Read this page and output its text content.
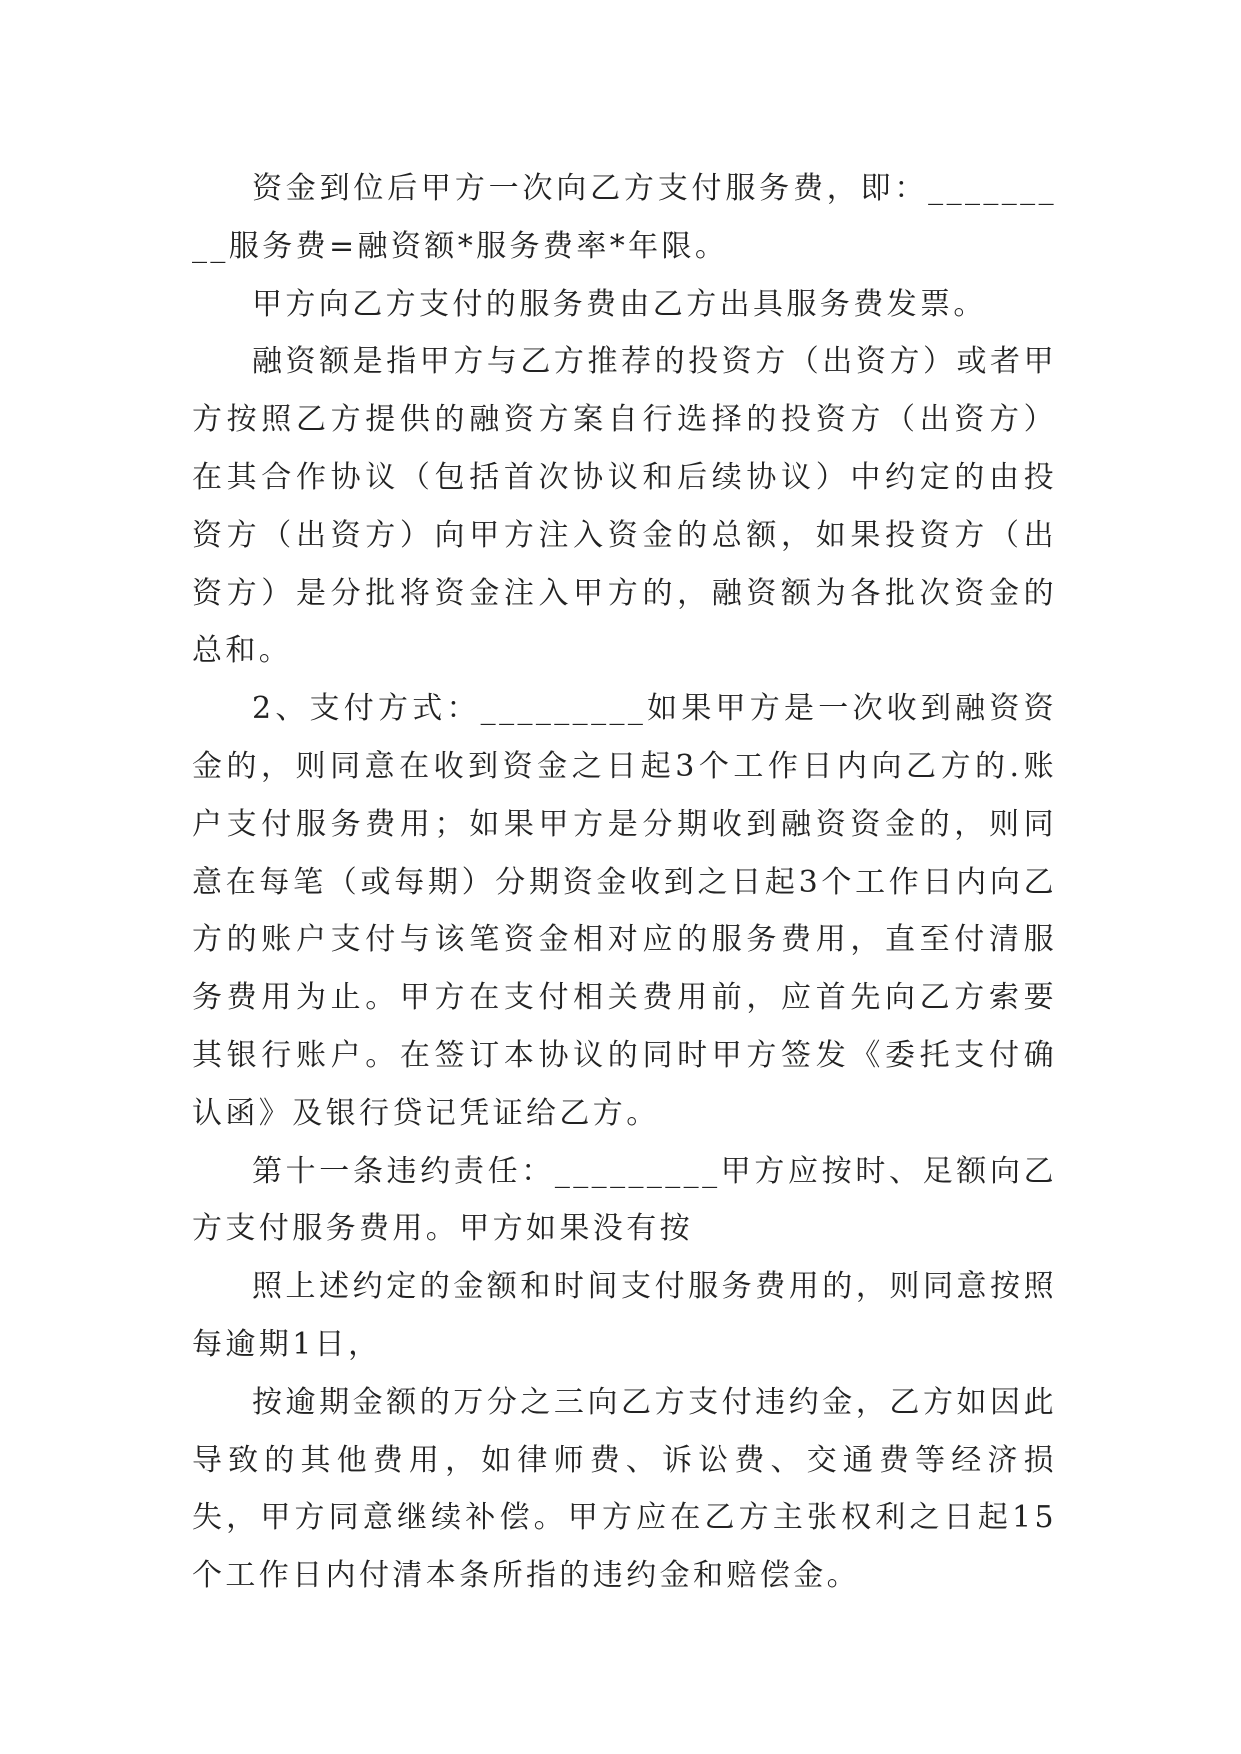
资金到位后甲方一次向乙方支付服务费，即：_________服务费=融资额*服务费率*年限。

甲方向乙方支付的服务费由乙方出具服务费发票。

融资额是指甲方与乙方推荐的投资方（出资方）或者甲方按照乙方提供的融资方案自行选择的投资方（出资方）在其合作协议（包括首次协议和后续协议）中约定的由投资方（出资方）向甲方注入资金的总额，如果投资方（出资方）是分批将资金注入甲方的，融资额为各批次资金的总和。

2、支付方式：_________如果甲方是一次收到融资资金的，则同意在收到资金之日起3个工作日内向乙方的.账户支付服务费用；如果甲方是分期收到融资资金的，则同意在每笔（或每期）分期资金收到之日起3个工作日内向乙方的账户支付与该笔资金相对应的服务费用，直至付清服务费用为止。甲方在支付相关费用前，应首先向乙方索要其银行账户。在签订本协议的同时甲方签发《委托支付确认函》及银行贷记凭证给乙方。

第十一条违约责任：_________甲方应按时、足额向乙方支付服务费用。甲方如果没有按

照上述约定的金额和时间支付服务费用的，则同意按照每逾期1日，

按逾期金额的万分之三向乙方支付违约金，乙方如因此导致的其他费用，如律师费、诉讼费、交通费等经济损失，甲方同意继续补偿。甲方应在乙方主张权利之日起15个工作日内付清本条所指的违约金和赔偿金。
